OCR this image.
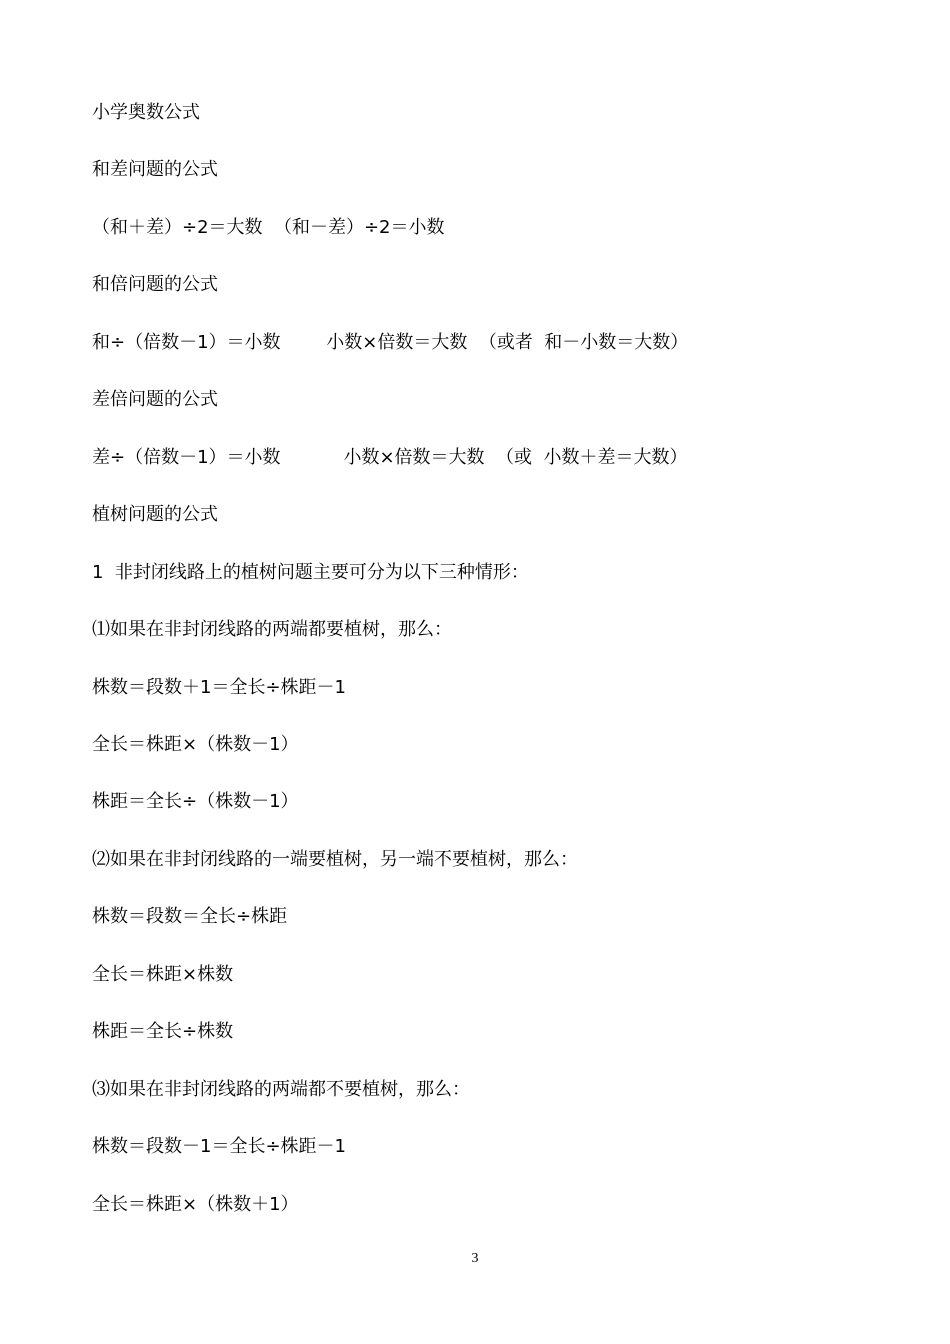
小学奥数公式
和差问题的公式
（和＋差）÷2＝大数  （和－差）÷2＝小数
和倍问题的公式
和÷（倍数－1）＝小数        小数×倍数＝大数  （或者  和－小数＝大数）
差倍问题的公式
差÷（倍数－1）＝小数           小数×倍数＝大数  （或  小数＋差＝大数）
植树问题的公式
1  非封闭线路上的植树问题主要可分为以下三种情形：
⑴如果在非封闭线路的两端都要植树，那么：
株数＝段数＋1＝全长÷株距－1
全长＝株距×（株数－1）
株距＝全长÷（株数－1）
⑵如果在非封闭线路的一端要植树，另一端不要植树，那么：
株数＝段数＝全长÷株距
全长＝株距×株数
株距＝全长÷株数
⑶如果在非封闭线路的两端都不要植树，那么：
株数＝段数－1＝全长÷株距－1
全长＝株距×（株数＋1）
3
